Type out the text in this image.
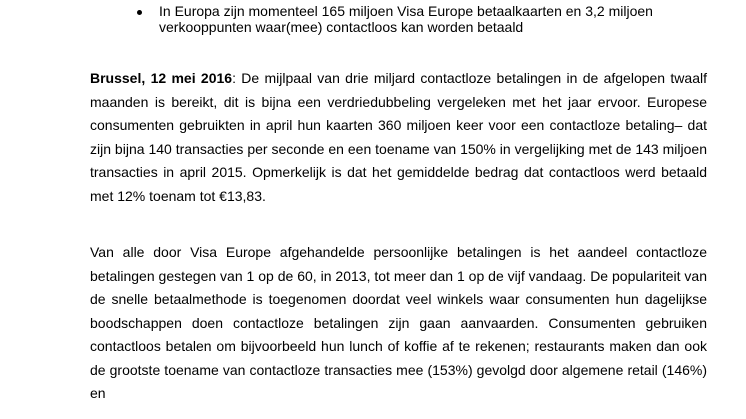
In Europa zijn momenteel 165 miljoen Visa Europe betaalkaarten en 3,2 miljoen verkooppunten waar(mee) contactloos kan worden betaald

Brussel, 12 mei 2016: De mijlpaal van drie miljard contactloze betalingen in de afgelopen twaalf maanden is bereikt, dit is bijna een verdriedubbeling vergeleken met het jaar ervoor. Europese consumenten gebruikten in april hun kaarten 360 miljoen keer voor een contactloze betaling– dat zijn bijna 140 transacties per seconde en een toename van 150% in vergelijking met de 143 miljoen transacties in april 2015. Opmerkelijk is dat het gemiddelde bedrag dat contactloos werd betaald met 12% toenam tot €13,83.

Van alle door Visa Europe afgehandelde persoonlijke betalingen is het aandeel contactloze betalingen gestegen van 1 op de 60, in 2013, tot meer dan 1 op de vijf vandaag. De populariteit van de snelle betaalmethode is toegenomen doordat veel winkels waar consumenten hun dagelijkse boodschappen doen contactloze betalingen zijn gaan aanvaarden. Consumenten gebruiken contactloos betalen om bijvoorbeeld hun lunch of koffie af te rekenen; restaurants maken dan ook de grootste toename van contactloze transacties mee (153%) gevolgd door algemene retail (146%) en
